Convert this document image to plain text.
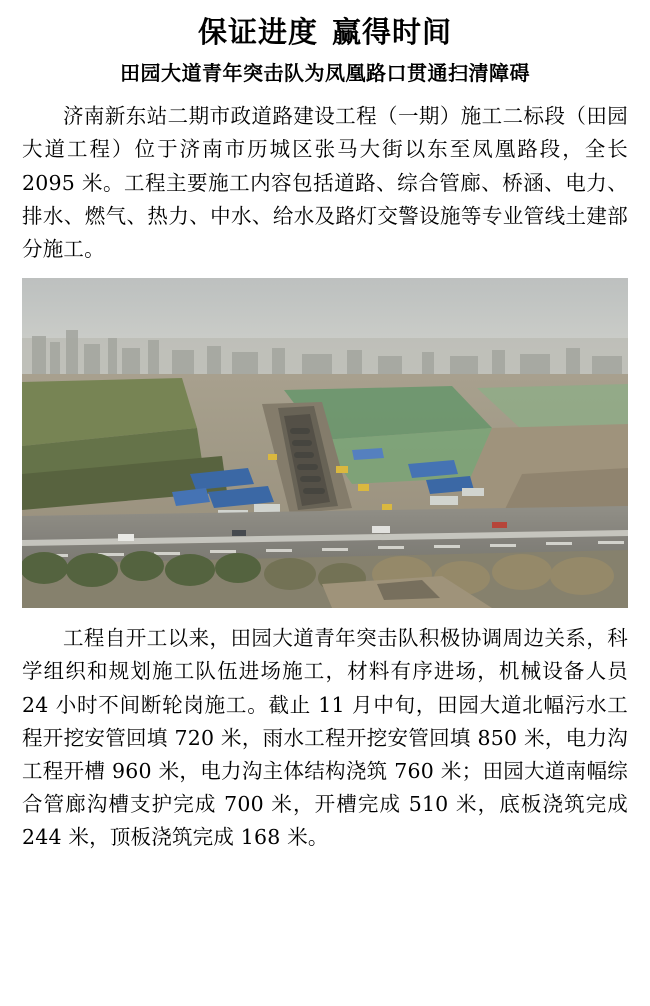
保证进度 赢得时间
田园大道青年突击队为凤凰路口贯通扫清障碍

济南新东站二期市政道路建设工程（一期）施工二标段（田园大道工程）位于济南市历城区张马大街以东至凤凰路段，全长 2095 米。工程主要施工内容包括道路、综合管廊、桥涵、电力、排水、燃气、热力、中水、给水及路灯交警设施等专业管线土建部分施工。

工程自开工以来，田园大道青年突击队积极协调周边关系，科学组织和规划施工队伍进场施工，材料有序进场，机械设备人员 24 小时不间断轮岗施工。截止 11 月中旬，田园大道北幅污水工程开挖安管回填 720 米，雨水工程开挖安管回填 850 米，电力沟工程开槽 960 米，电力沟主体结构浇筑 760 米；田园大道南幅综合管廊沟槽支护完成 700 米，开槽完成 510 米，底板浇筑完成 244 米，顶板浇筑完成 168 米。
